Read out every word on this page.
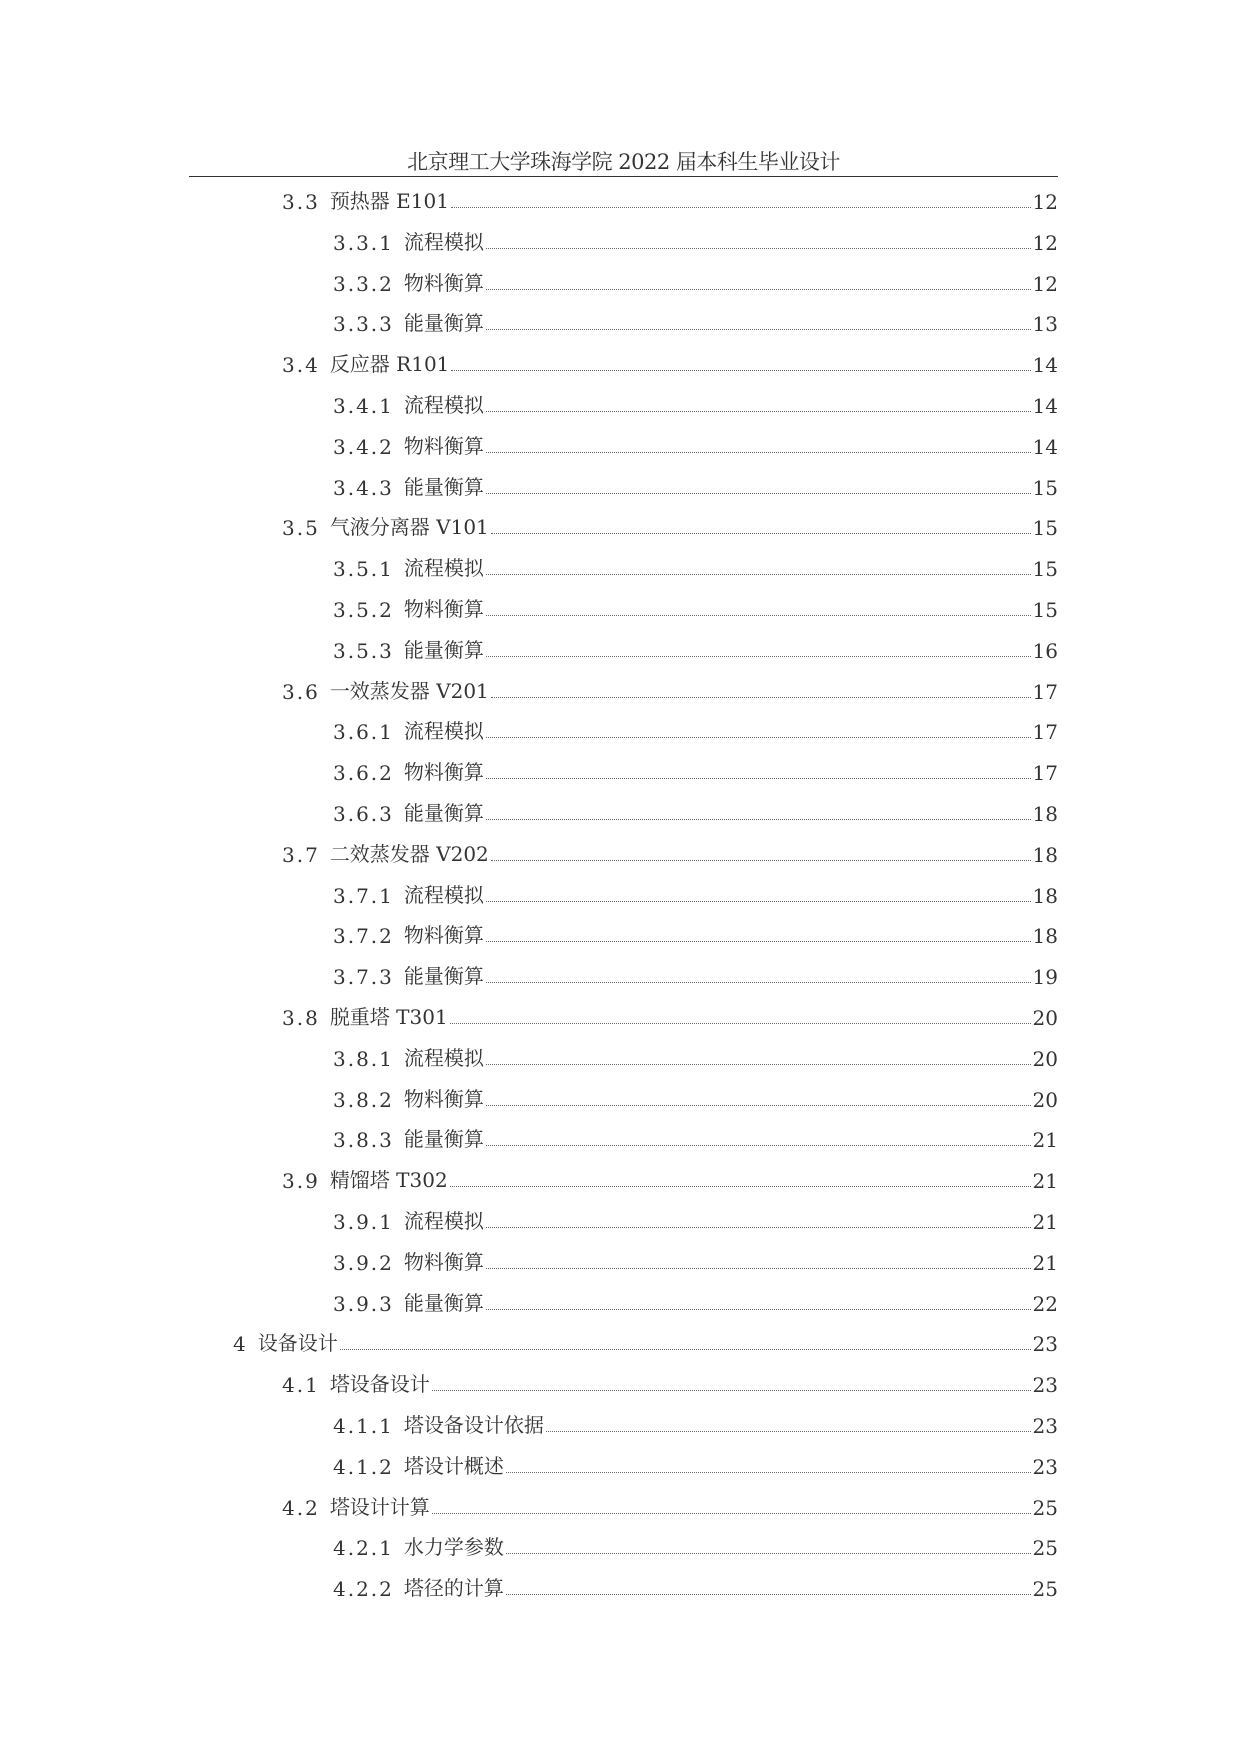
北京理工大学珠海学院 2022 届本科生毕业设计
3.3 预热器 E101	12
3.3.1 流程模拟	12
3.3.2 物料衡算	12
3.3.3 能量衡算	13
3.4 反应器 R101	14
3.4.1 流程模拟	14
3.4.2 物料衡算	14
3.4.3 能量衡算	15
3.5 气液分离器 V101	15
3.5.1 流程模拟	15
3.5.2 物料衡算	15
3.5.3 能量衡算	16
3.6 一效蒸发器 V201	17
3.6.1 流程模拟	17
3.6.2 物料衡算	17
3.6.3 能量衡算	18
3.7 二效蒸发器 V202	18
3.7.1 流程模拟	18
3.7.2 物料衡算	18
3.7.3 能量衡算	19
3.8 脱重塔 T301	20
3.8.1 流程模拟	20
3.8.2 物料衡算	20
3.8.3 能量衡算	21
3.9 精馏塔 T302	21
3.9.1 流程模拟	21
3.9.2 物料衡算	21
3.9.3 能量衡算	22
4 设备设计	23
4.1 塔设备设计	23
4.1.1 塔设备设计依据	23
4.1.2 塔设计概述	23
4.2 塔设计计算	25
4.2.1 水力学参数	25
4.2.2 塔径的计算	25
